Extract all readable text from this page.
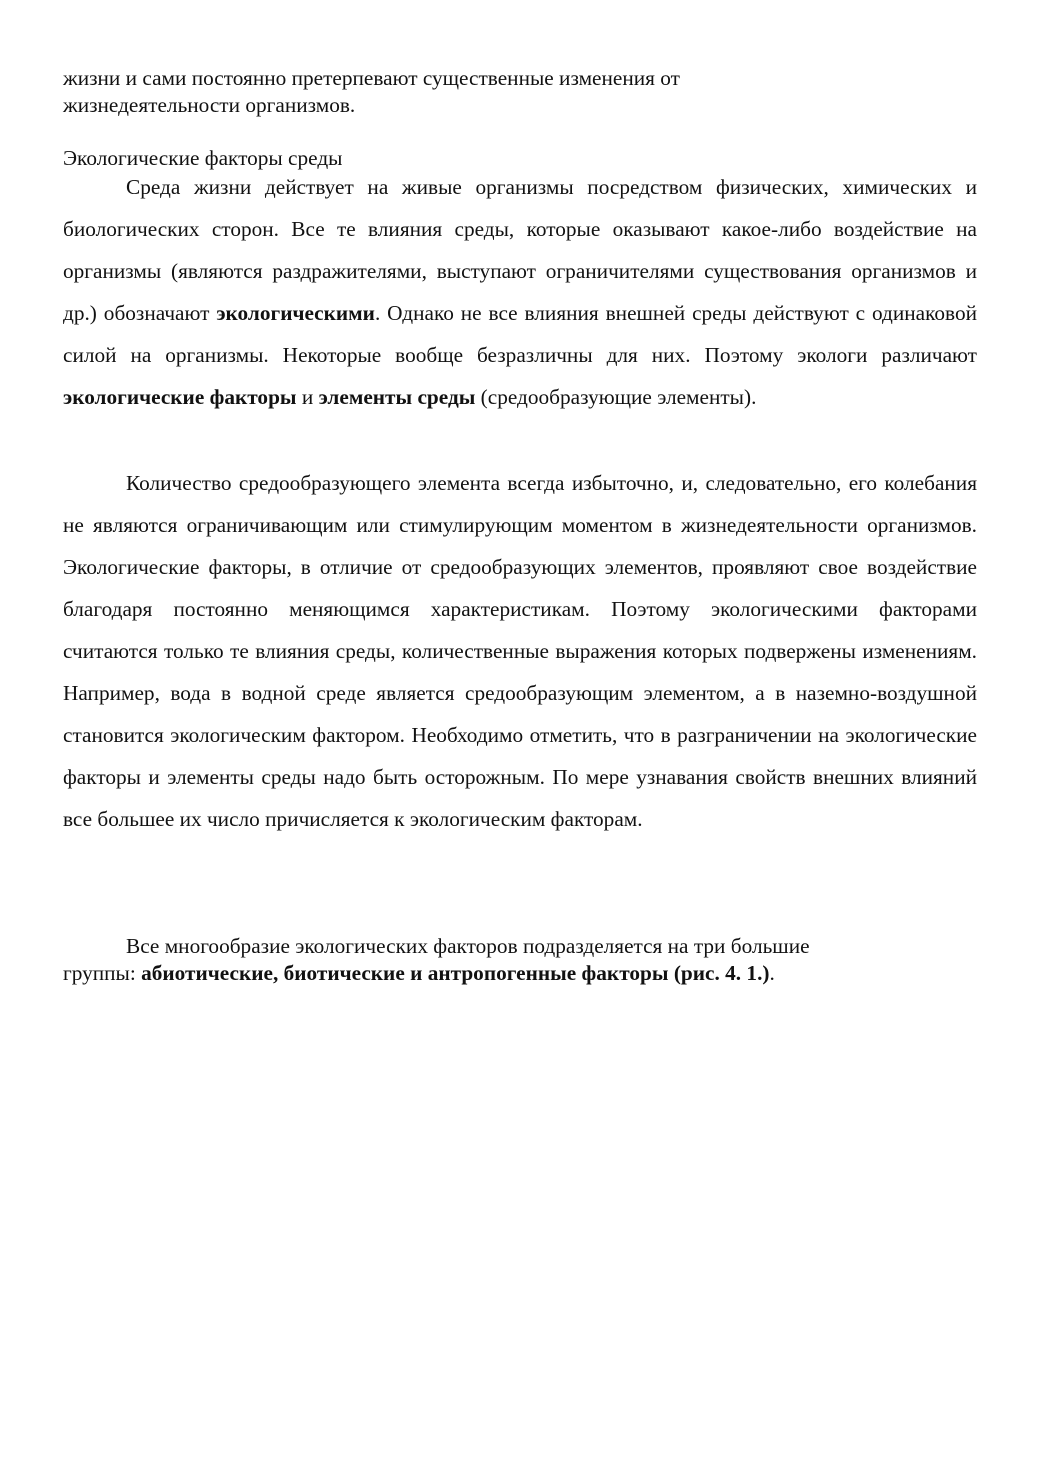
жизни и сами постоянно претерпевают существенные изменения от
жизнедеятельности организмов.
Экологические факторы среды

Среда жизни действует на живые организмы посредством физических, химических и биологических сторон. Все те влияния среды, которые оказывают какое-либо воздействие на организмы (являются раздражителями, выступают ограничителями существования организмов и др.) обозначают экологическими. Однако не все влияния внешней среды действуют с одинаковой силой на организмы. Некоторые вообще безразличны для них. Поэтому экологи различают экологические факторы и элементы среды (средообразующие элементы).

Количество средообразующего элемента всегда избыточно, и, следовательно, его колебания не являются ограничивающим или стимулирующим моментом в жизнедеятельности организмов. Экологические факторы, в отличие от средообразующих элементов, проявляют свое воздействие благодаря постоянно меняющимся характеристикам. Поэтому экологическими факторами считаются только те влияния среды, количественные выражения которых подвержены изменениям. Например, вода в водной среде является средообразующим элементом, а в наземно-воздушной становится экологическим фактором. Необходимо отметить, что в разграничении на экологические факторы и элементы среды надо быть осторожным. По мере узнавания свойств внешних влияний все большее их число причисляется к экологическим факторам.

Все многообразие экологических факторов подразделяется на три большие
группы: абиотические, биотические и антропогенные факторы (рис. 4. 1.).
